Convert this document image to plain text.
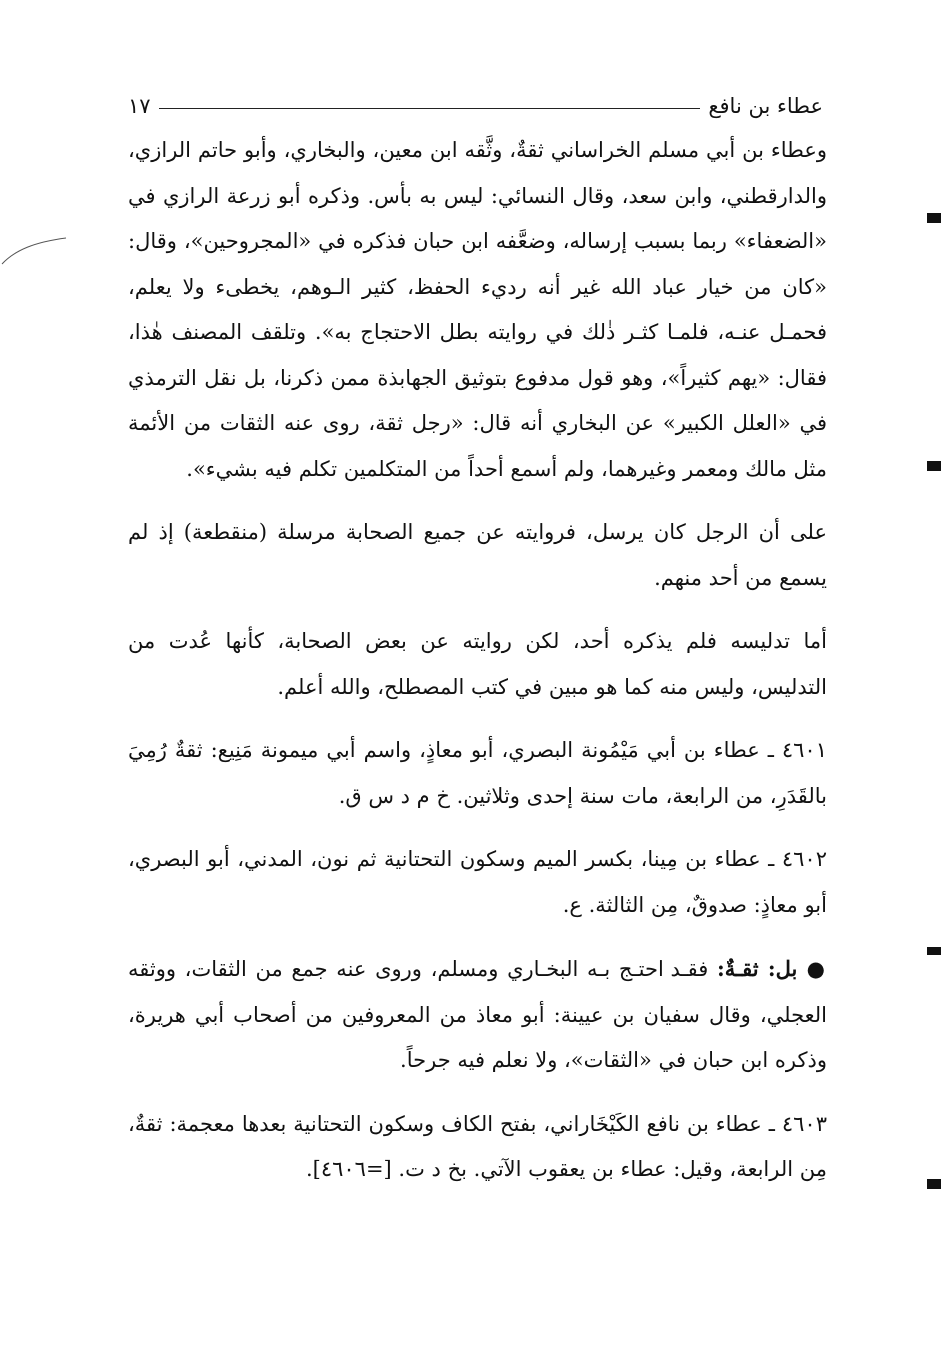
عطاء بن نافع
١٧

وعطاء بن أبي مسلم الخراساني ثقةٌ، وثَّقه ابن معين، والبخاري، وأبو حاتم الرازي، والدارقطني، وابن سعد، وقال النسائي: ليس به بأس. وذكره أبو زرعة الرازي في «الضعفاء» ربما بسبب إرساله، وضعَّفه ابن حبان فذكره في «المجروحين»، وقال: «كان من خيار عباد الله غير أنه رديء الحفظ، كثير الـوهم، يخطىء ولا يعلم، فحمـل عنـه، فلمـا كثـر ذٰلك في روايته بطل الاحتجاج به». وتلقف المصنف هٰذا، فقال: «يهم كثيراً»، وهو قول مدفوع بتوثيق الجهابذة ممن ذكرنا، بل نقل الترمذي في «العلل الكبير» عن البخاري أنه قال: «رجل ثقة، روى عنه الثقات من الأئمة مثل مالك ومعمر وغيرهما، ولم أسمع أحداً من المتكلمين تكلم فيه بشيء».

على أن الرجل كان يرسل، فروايته عن جميع الصحابة مرسلة (منقطعة) إذ لم يسمع من أحد منهم.

أما تدليسه فلم يذكره أحد، لكن روايته عن بعض الصحابة، كأنها عُدت من التدليس، وليس منه كما هو مبين في كتب المصطلح، والله أعلم.

٤٦٠١ ـ عطاء بن أبي مَيْمُونة البصري، أبو معاذٍ، واسم أبي ميمونة مَنِيع: ثقةٌ رُمِيَ بالقَدَرِ، من الرابعة، مات سنة إحدى وثلاثين. خ م د س ق.

٤٦٠٢ ـ عطاء بن مِينا، بكسر الميم وسكون التحتانية ثم نون، المدني، أبو البصري، أبو معاذٍ: صدوقٌ، مِن الثالثة. ع.

● بل: ثقـةٌ: فقـد احتـج بـه البخـاري ومسلم، وروى عنه جمع من الثقات، ووثقه العجلي، وقال سفيان بن عيينة: أبو معاذ من المعروفين من أصحاب أبي هريرة، وذكره ابن حبان في «الثقات»، ولا نعلم فيه جرحاً.

٤٦٠٣ ـ عطاء بن نافع الكَيْخَاراني، بفتح الكاف وسكون التحتانية بعدها معجمة: ثقةٌ، مِن الرابعة، وقيل: عطاء بن يعقوب الآتي. بخ د ت. [=٤٦٠٦].
